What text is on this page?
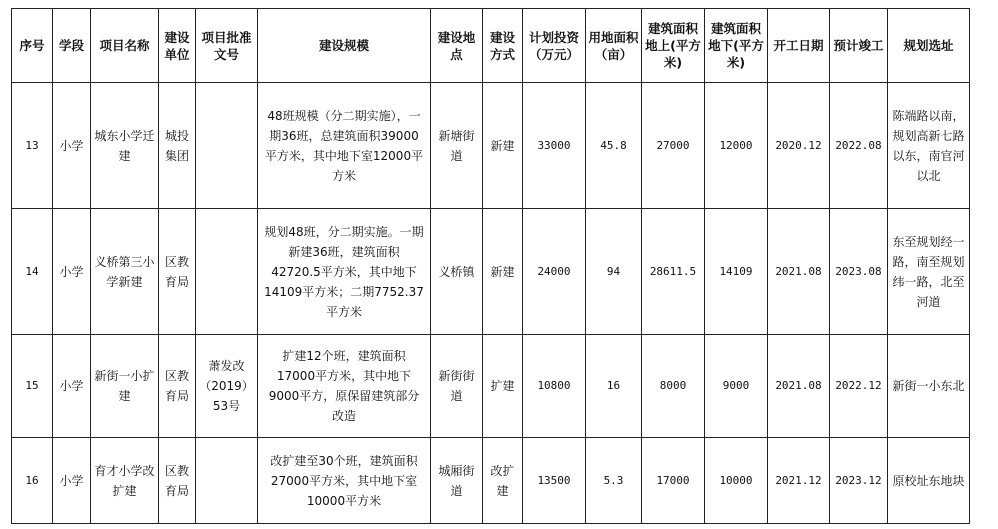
序号	学段	项目名称	建设单位	项目批准文号	建设规模	建设地点	建设方式	计划投资（万元）	用地面积（亩）	建筑面积地上(平方米)	建筑面积地下(平方米)	开工日期	预计竣工	规划选址
13	小学	城东小学迁建	城投集团		48班规模（分二期实施），一期36班，总建筑面积39000平方米，其中地下室12000平方米	新塘街道	新建	33000	45.8	27000	12000	2020.12	2022.08	陈端路以南，规划高新七路以东，南官河以北
14	小学	义桥第三小学新建	区教育局		规划48班，分二期实施。一期新建36班，建筑面积42720.5平方米，其中地下14109平方米；二期7752.37平方米	义桥镇	新建	24000	94	28611.5	14109	2021.08	2023.08	东至规划经一路，南至规划纬一路，北至河道
15	小学	新街一小扩建	区教育局	萧发改（2019）53号	扩建12个班，建筑面积17000平方米，其中地下9000平方，原保留建筑部分改造	新街街道	扩建	10800	16	8000	9000	2021.08	2022.12	新街一小东北
16	小学	育才小学改扩建	区教育局		改扩建至30个班，建筑面积27000平方米，其中地下室10000平方米	城厢街道	改扩建	13500	5.3	17000	10000	2021.12	2023.12	原校址东地块
